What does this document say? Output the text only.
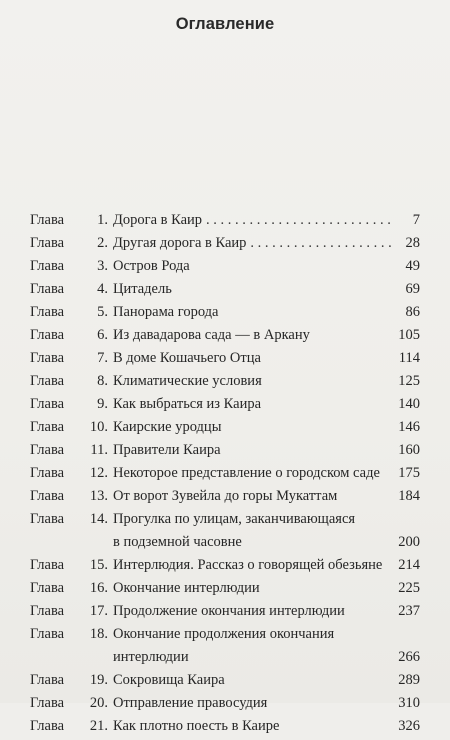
Оглавление
Глава	1. Дорога в Каир . . .	7
Глава	2. Другая дорога в Каир . . .	28
Глава	3. Остров Рода	49
Глава	4. Цитадель	69
Глава	5. Панорама города	86
Глава	6. Из давадарова сада — в Аркану	105
Глава	7. В доме Кошачьего Отца	114
Глава	8. Климатические условия	125
Глава	9. Как выбраться из Каира	140
Глава	10. Каирские уродцы	146
Глава	11. Правители Каира	160
Глава	12. Некоторое представление о городском саде 175
Глава	13. От ворот Зувейла до горы Мукаттам	184
Глава	14. Прогулка по улицам, заканчивающаяся
в подземной часовне	200
Глава	15. Интерлюдия. Рассказ о говорящей обезьяне 214
Глава	16. Окончание интерлюдии	225
Глава	17. Продолжение окончания интерлюдии	237
Глава	18. Окончание продолжения окончания
интерлюдии	266
Глава	19. Сокровища Каира	289
Глава	20. Отправление правосудия	310
Глава	21. Как плотно поесть в Каире	326
